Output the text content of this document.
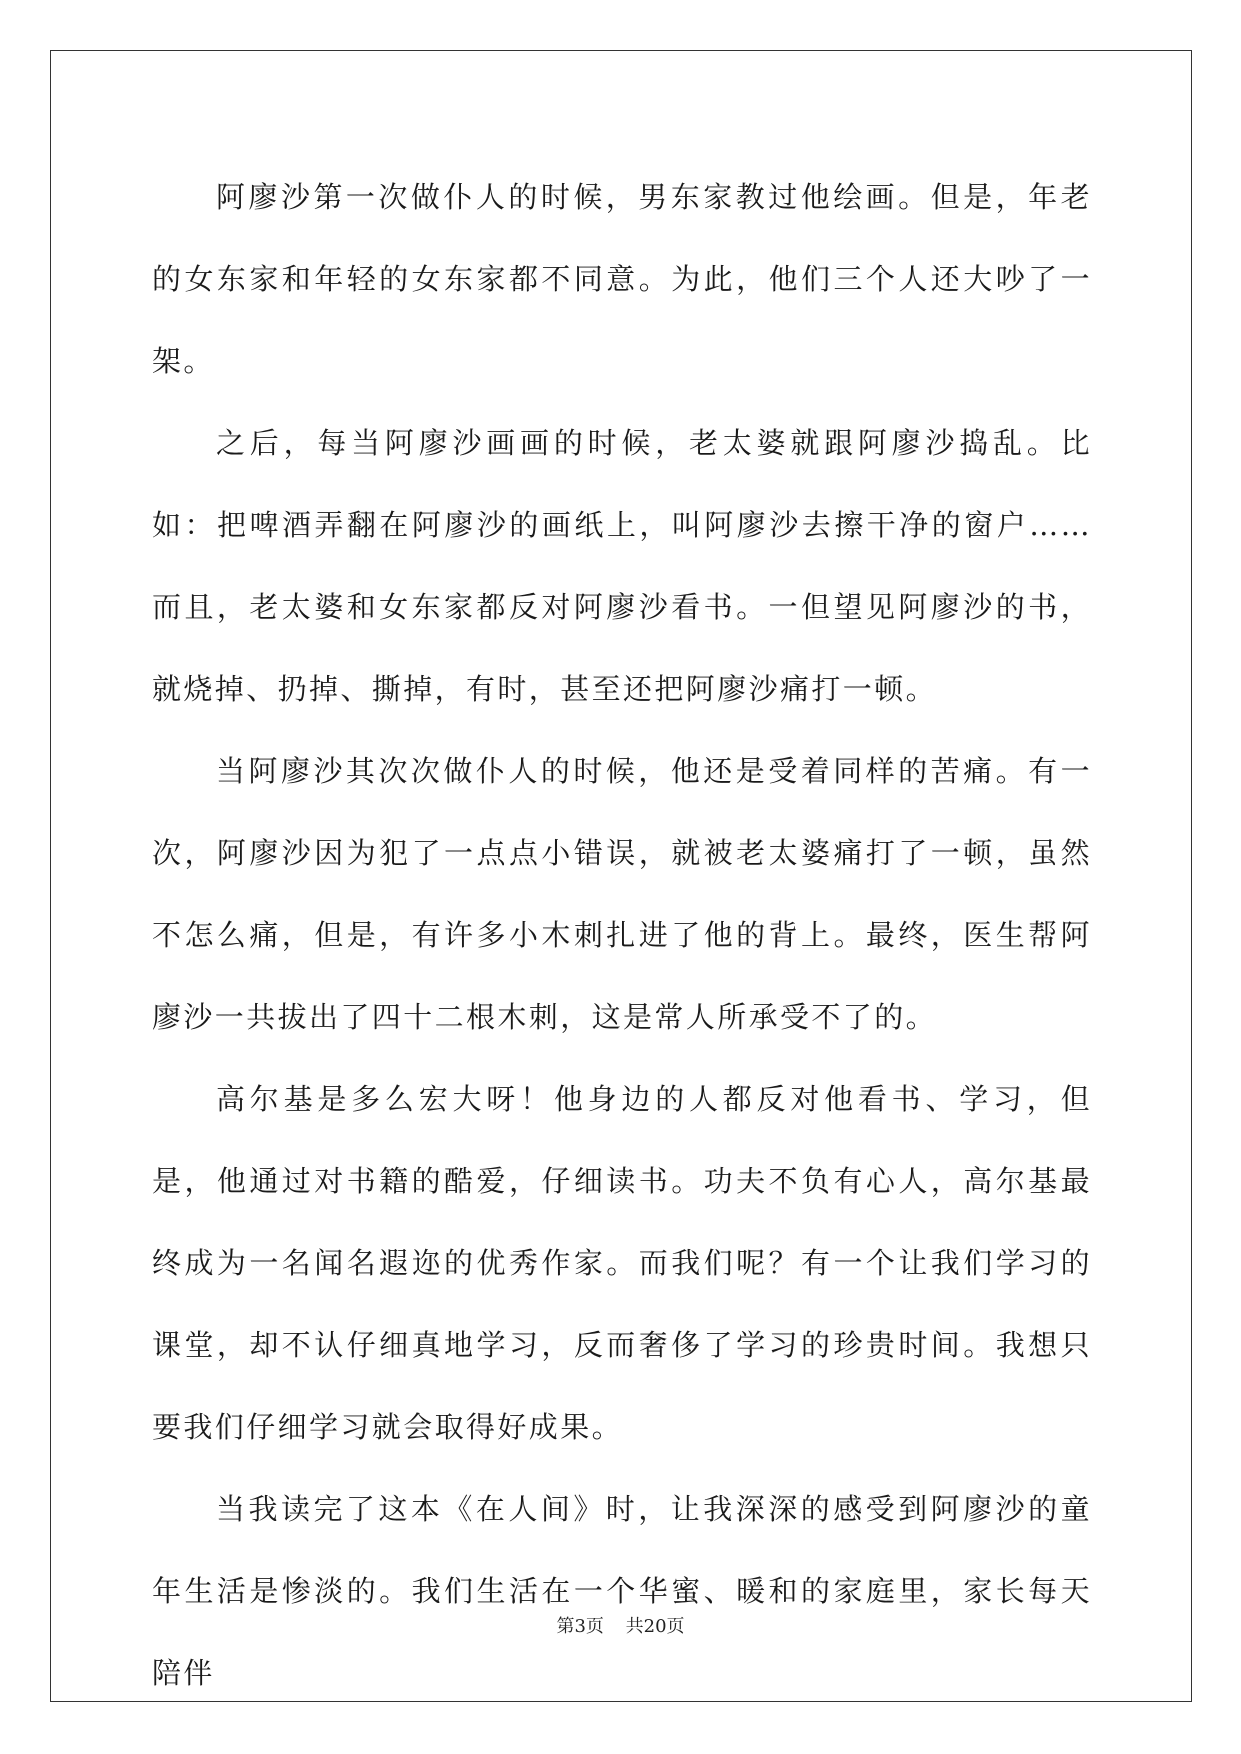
阿廖沙第一次做仆人的时候，男东家教过他绘画。但是，年老的女东家和年轻的女东家都不同意。为此，他们三个人还大吵了一架。

之后，每当阿廖沙画画的时候，老太婆就跟阿廖沙捣乱。比如：把啤酒弄翻在阿廖沙的画纸上，叫阿廖沙去擦干净的窗户……而且，老太婆和女东家都反对阿廖沙看书。一但望见阿廖沙的书，就烧掉、扔掉、撕掉，有时，甚至还把阿廖沙痛打一顿。

当阿廖沙其次次做仆人的时候，他还是受着同样的苦痛。有一次，阿廖沙因为犯了一点点小错误，就被老太婆痛打了一顿，虽然不怎么痛，但是，有许多小木刺扎进了他的背上。最终，医生帮阿廖沙一共拔出了四十二根木刺，这是常人所承受不了的。

高尔基是多么宏大呀！他身边的人都反对他看书、学习，但是，他通过对书籍的酷爱，仔细读书。功夫不负有心人，高尔基最终成为一名闻名遐迩的优秀作家。而我们呢？有一个让我们学习的课堂，却不认仔细真地学习，反而奢侈了学习的珍贵时间。我想只要我们仔细学习就会取得好成果。

当我读完了这本《在人间》时，让我深深的感受到阿廖沙的童年生活是惨淡的。我们生活在一个华蜜、暖和的家庭里，家长每天陪伴

第3页 共20页
